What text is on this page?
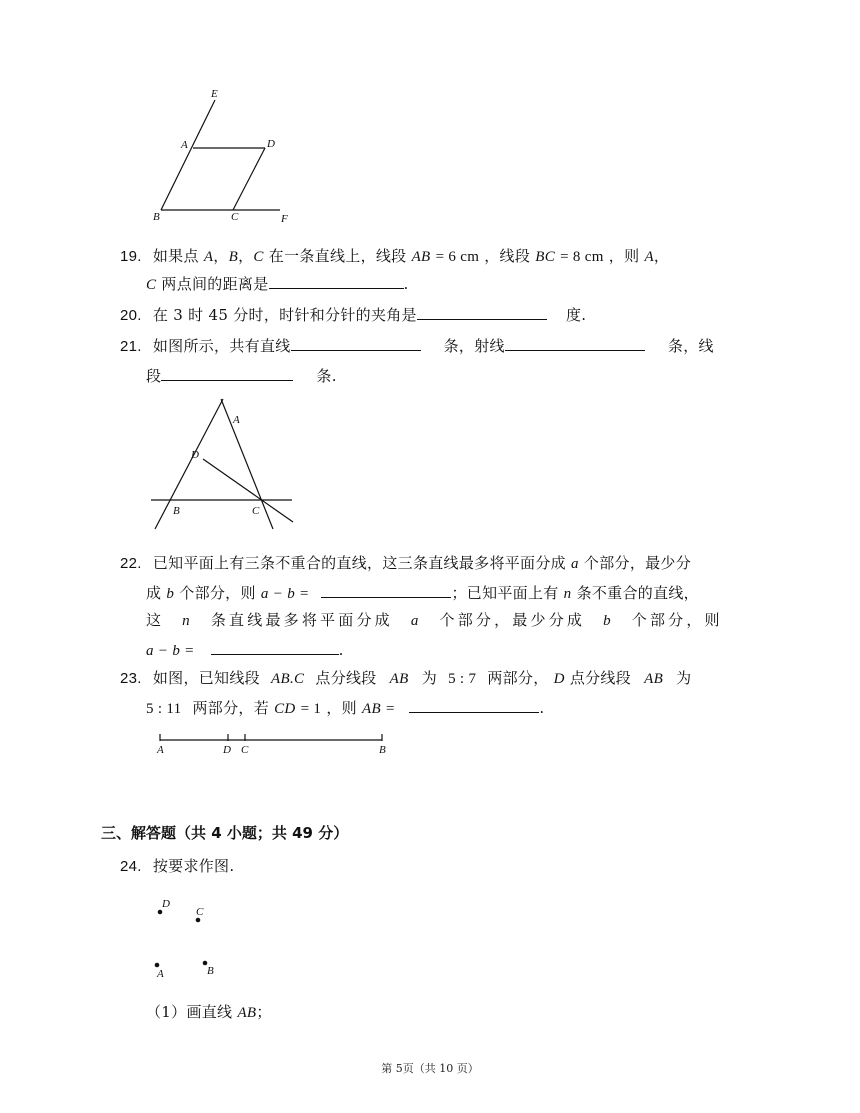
E
A	D
B	C	F
19. 如果点 A，B，C 在一条直线上，线段 AB = 6 cm ，线段 BC = 8 cm ，则 A，
C 两点间的距离是	.
20. 在 3 时 45 分时，时针和分针的夹角是	度.
21. 如图所示，共有直线	条，射线	条，线
段	条.
A
D
B	C
22. 已知平面上有三条不重合的直线，这三条直线最多将平面分成 a 个部分，最少分
成 b 个部分，则 a − b =	；已知平面上有 n 条不重合的直线，
这 n 条直线最多将平面分成 a 个部分，最少分成 b 个部分，则
a − b =	.
23. 如图，已知线段 AB.C 点分线段 AB 为 5 : 7 两部分， D 点分线段 AB 为
5 : 11 两部分，若 CD = 1 ，则 AB =	.
A	D C	B
三、解答题（共 4 小题；共 49 分）
24. 按要求作图.
D
C
A	B
（1）画直线 AB；
第 5页（共 10 页）
